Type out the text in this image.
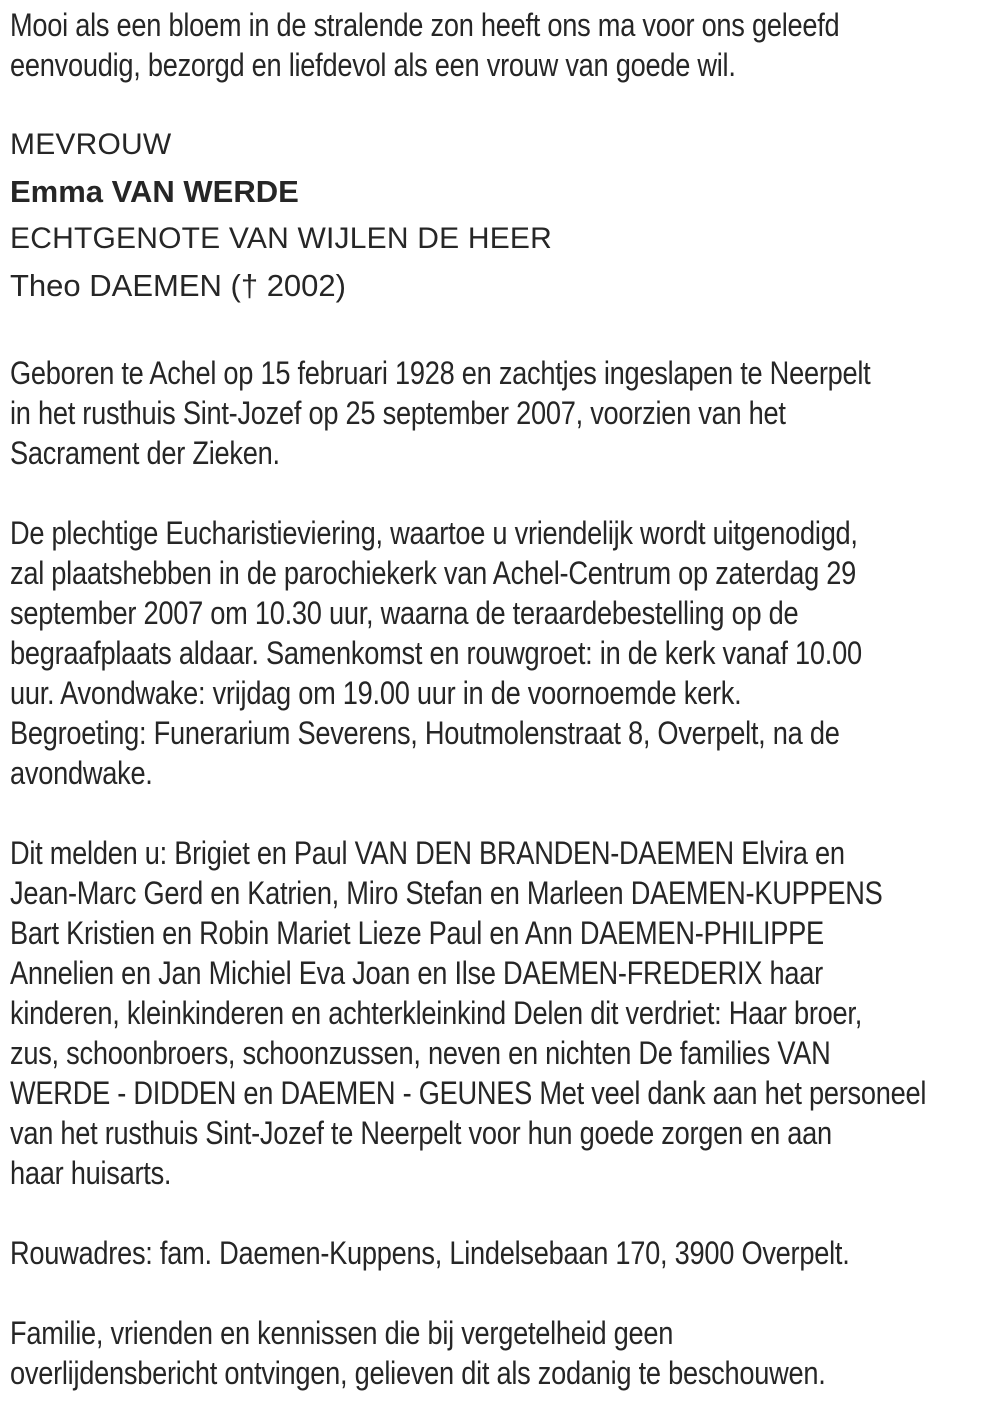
Mooi als een bloem in de stralende zon heeft ons ma voor ons geleefd
eenvoudig, bezorgd en liefdevol als een vrouw van goede wil.
MEVROUW
Emma VAN WERDE
ECHTGENOTE VAN WIJLEN DE HEER
Theo DAEMEN († 2002)
Geboren te Achel op 15 februari 1928 en zachtjes ingeslapen te Neerpelt
in het rusthuis Sint-Jozef op 25 september 2007, voorzien van het
Sacrament der Zieken.
De plechtige Eucharistieviering, waartoe u vriendelijk wordt uitgenodigd,
zal plaatshebben in de parochiekerk van Achel-Centrum op zaterdag 29
september 2007 om 10.30 uur, waarna de teraardebestelling op de
begraafplaats aldaar. Samenkomst en rouwgroet: in de kerk vanaf 10.00
uur. Avondwake: vrijdag om 19.00 uur in de voornoemde kerk.
Begroeting: Funerarium Severens, Houtmolenstraat 8, Overpelt, na de
avondwake.
Dit melden u: Brigiet en Paul VAN DEN BRANDEN-DAEMEN Elvira en
Jean-Marc Gerd en Katrien, Miro Stefan en Marleen DAEMEN-KUPPENS
Bart Kristien en Robin Mariet Lieze Paul en Ann DAEMEN-PHILIPPE
Annelien en Jan Michiel Eva Joan en Ilse DAEMEN-FREDERIX haar
kinderen, kleinkinderen en achterkleinkind Delen dit verdriet: Haar broer,
zus, schoonbroers, schoonzussen, neven en nichten De families VAN
WERDE - DIDDEN en DAEMEN - GEUNES Met veel dank aan het personeel
van het rusthuis Sint-Jozef te Neerpelt voor hun goede zorgen en aan
haar huisarts.
Rouwadres: fam. Daemen-Kuppens, Lindelsebaan 170, 3900 Overpelt.
Familie, vrienden en kennissen die bij vergetelheid geen
overlijdensbericht ontvingen, gelieven dit als zodanig te beschouwen.
